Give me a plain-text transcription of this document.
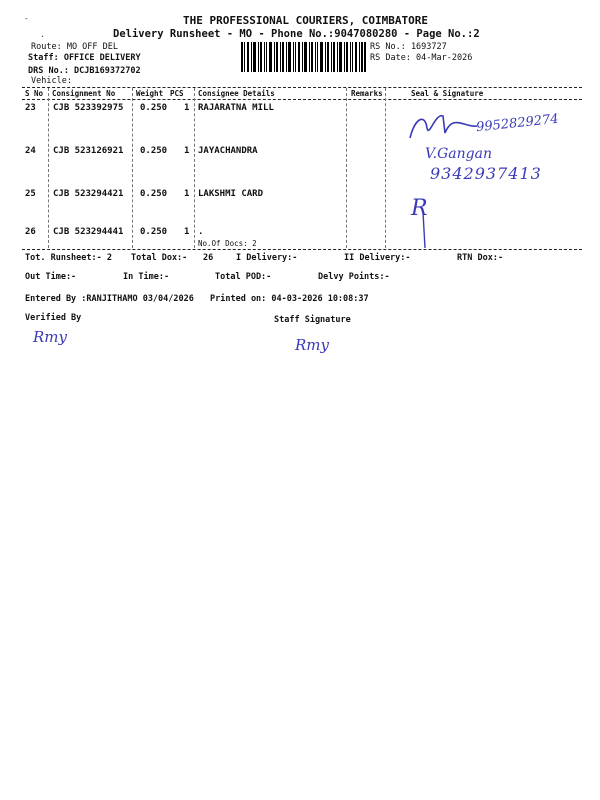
-
.
THE PROFESSIONAL COURIERS, COIMBATORE
Delivery Runsheet - MO - Phone No.:9047080280 - Page No.:2
Route: MO OFF DEL
Staff: OFFICE DELIVERY
DRS No.: DCJB169372702
Vehicle:
RS No.: 1693727
RS Date: 04-Mar-2026
S No Consignment No	Weight PCS Consignee Details	Remarks	Seal & Signature
23 CJB 523392975 0.250 1 RAJARATNA MILL
24 CJB 523126921 0.250 1 JAYACHANDRA
25 CJB 523294421 0.250 1 LAKSHMI CARD
26 CJB 523294441 0.250 1 .
No.Of Docs: 2
9952829274
V.Gangan
9342937413
R
Tot. Runsheet:- 2 Total Dox:- 26	I Delivery:-	II Delivery:-	RTN Dox:-
Out Time:-	In Time:-	Total POD:-	Delvy Points:-
Entered By :RANJITHAMO 03/04/2026 Printed on: 04-03-2026 10:08:37
Verified By	Staff Signature
Rmy	Rmy
